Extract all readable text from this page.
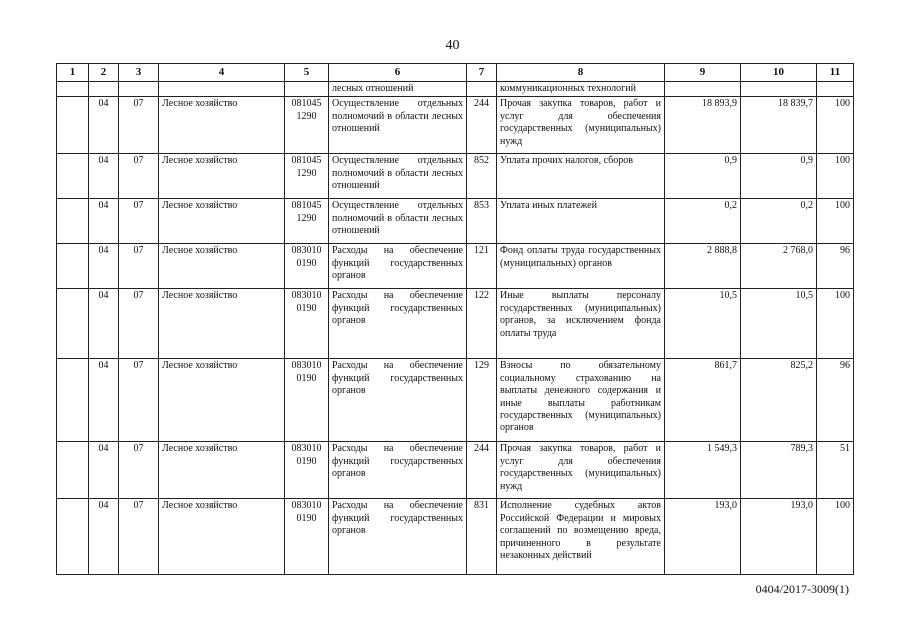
40
1	2	3	4	5	6	7	8	9	10	11
					лесных отношений		коммуникационных технологий			
	04	07	Лесное хозяйство	081045 1290	Осуществление отдельных полномочий в области лесных отношений	244	Прочая закупка товаров, работ и услуг для обеспечения государственных (муниципальных) нужд	18 893,9	18 839,7	100
	04	07	Лесное хозяйство	081045 1290	Осуществление отдельных полномочий в области лесных отношений	852	Уплата прочих налогов, сборов	0,9	0,9	100
	04	07	Лесное хозяйство	081045 1290	Осуществление отдельных полномочий в области лесных отношений	853	Уплата иных платежей	0,2	0,2	100
	04	07	Лесное хозяйство	083010 0190	Расходы на обеспечение функций государственных органов	121	Фонд оплаты труда государственных (муниципальных) органов	2 888,8	2 768,0	96
	04	07	Лесное хозяйство	083010 0190	Расходы на обеспечение функций государственных органов	122	Иные выплаты персоналу государственных (муниципальных) органов, за исключением фонда оплаты труда	10,5	10,5	100
	04	07	Лесное хозяйство	083010 0190	Расходы на обеспечение функций государственных органов	129	Взносы по обязательному социальному страхованию на выплаты денежного содержания и иные выплаты работникам государственных (муниципальных) органов	861,7	825,2	96
	04	07	Лесное хозяйство	083010 0190	Расходы на обеспечение функций государственных органов	244	Прочая закупка товаров, работ и услуг для обеспечения государственных (муниципальных) нужд	1 549,3	789,3	51
	04	07	Лесное хозяйство	083010 0190	Расходы на обеспечение функций государственных органов	831	Исполнение судебных актов Российской Федерации и мировых соглашений по возмещению вреда, причиненного в результате незаконных действий	193,0	193,0	100
0404/2017-3009(1)
